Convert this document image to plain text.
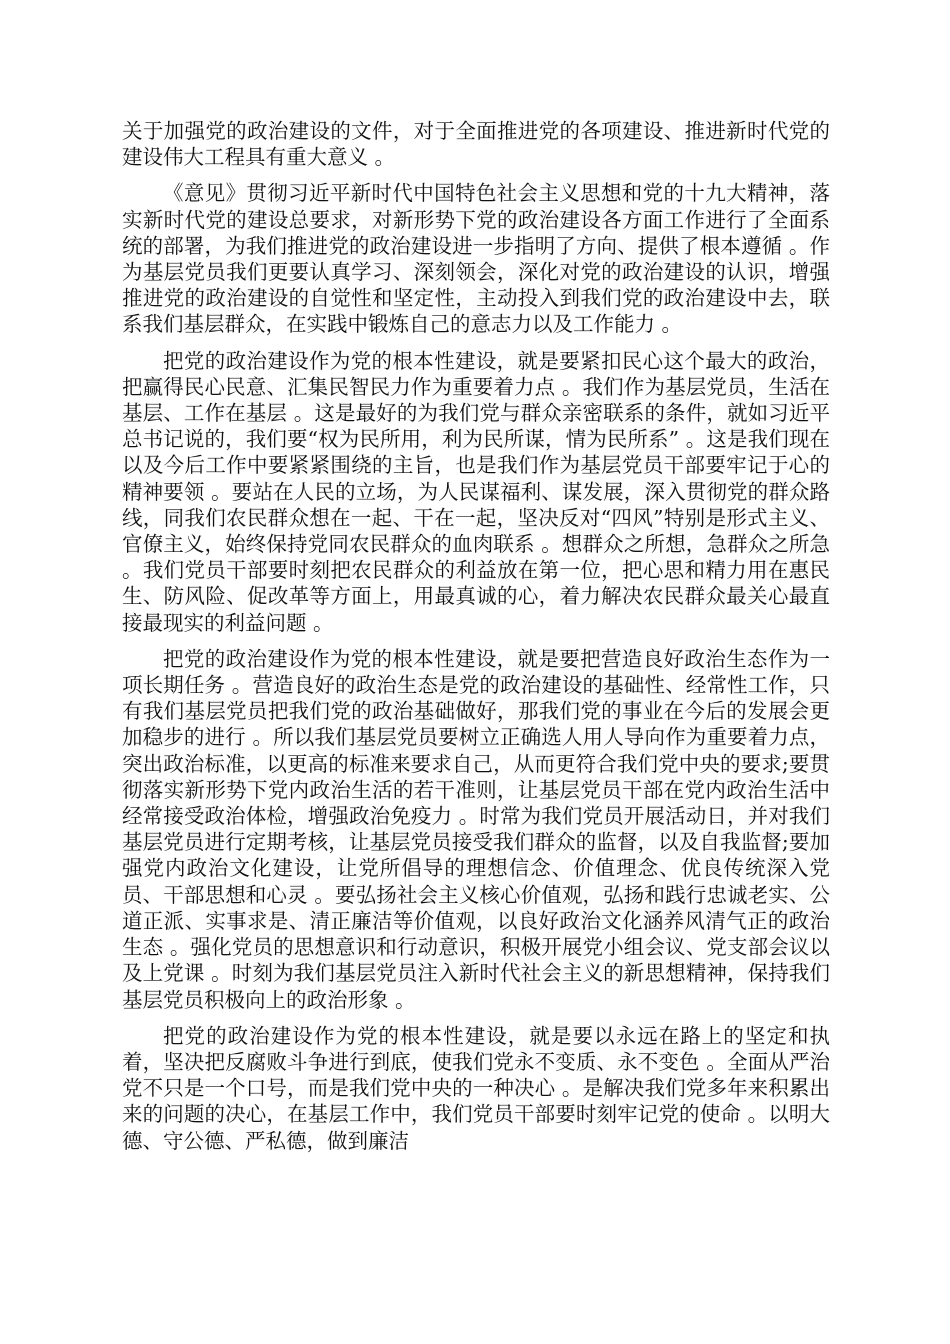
关于加强党的政治建设的文件，对于全面推进党的各项建设、推进新时代党的建设伟大工程具有重大意义 。

《意见》贯彻习近平新时代中国特色社会主义思想和党的十九大精神，落实新时代党的建设总要求，对新形势下党的政治建设各方面工作进行了全面系统的部署，为我们推进党的政治建设进一步指明了方向、提供了根本遵循 。作为基层党员我们更要认真学习、深刻领会，深化对党的政治建设的认识，增强推进党的政治建设的自觉性和坚定性，主动投入到我们党的政治建设中去，联系我们基层群众，在实践中锻炼自己的意志力以及工作能力 。

把党的政治建设作为党的根本性建设，就是要紧扣民心这个最大的政治，把赢得民心民意、汇集民智民力作为重要着力点 。我们作为基层党员，生活在基层、工作在基层 。这是最好的为我们党与群众亲密联系的条件，就如习近平总书记说的，我们要“权为民所用，利为民所谋，情为民所系” 。这是我们现在以及今后工作中要紧紧围绕的主旨，也是我们作为基层党员干部要牢记于心的精神要领 。要站在人民的立场，为人民谋福利、谋发展，深入贯彻党的群众路线，同我们农民群众想在一起、干在一起，坚决反对“四风”特别是形式主义、官僚主义，始终保持党同农民群众的血肉联系 。想群众之所想，急群众之所急 。我们党员干部要时刻把农民群众的利益放在第一位，把心思和精力用在惠民生、防风险、促改革等方面上，用最真诚的心，着力解决农民群众最关心最直接最现实的利益问题 。

把党的政治建设作为党的根本性建设，就是要把营造良好政治生态作为一项长期任务 。营造良好的政治生态是党的政治建设的基础性、经常性工作，只有我们基层党员把我们党的政治基础做好，那我们党的事业在今后的发展会更加稳步的进行 。所以我们基层党员要树立正确选人用人导向作为重要着力点，突出政治标准，以更高的标准来要求自己，从而更符合我们党中央的要求;要贯彻落实新形势下党内政治生活的若干准则，让基层党员干部在党内政治生活中经常接受政治体检，增强政治免疫力 。时常为我们党员开展活动日，并对我们基层党员进行定期考核，让基层党员接受我们群众的监督，以及自我监督;要加强党内政治文化建设，让党所倡导的理想信念、价值理念、优良传统深入党员、干部思想和心灵 。要弘扬社会主义核心价值观，弘扬和践行忠诚老实、公道正派、实事求是、清正廉洁等价值观，以良好政治文化涵养风清气正的政治生态 。强化党员的思想意识和行动意识，积极开展党小组会议、党支部会议以及上党课 。时刻为我们基层党员注入新时代社会主义的新思想精神，保持我们基层党员积极向上的政治形象 。

把党的政治建设作为党的根本性建设，就是要以永远在路上的坚定和执着，坚决把反腐败斗争进行到底，使我们党永不变质、永不变色 。全面从严治党不只是一个口号，而是我们党中央的一种决心 。是解决我们党多年来积累出来的问题的决心，在基层工作中，我们党员干部要时刻牢记党的使命 。以明大德、守公德、严私德，做到廉洁
